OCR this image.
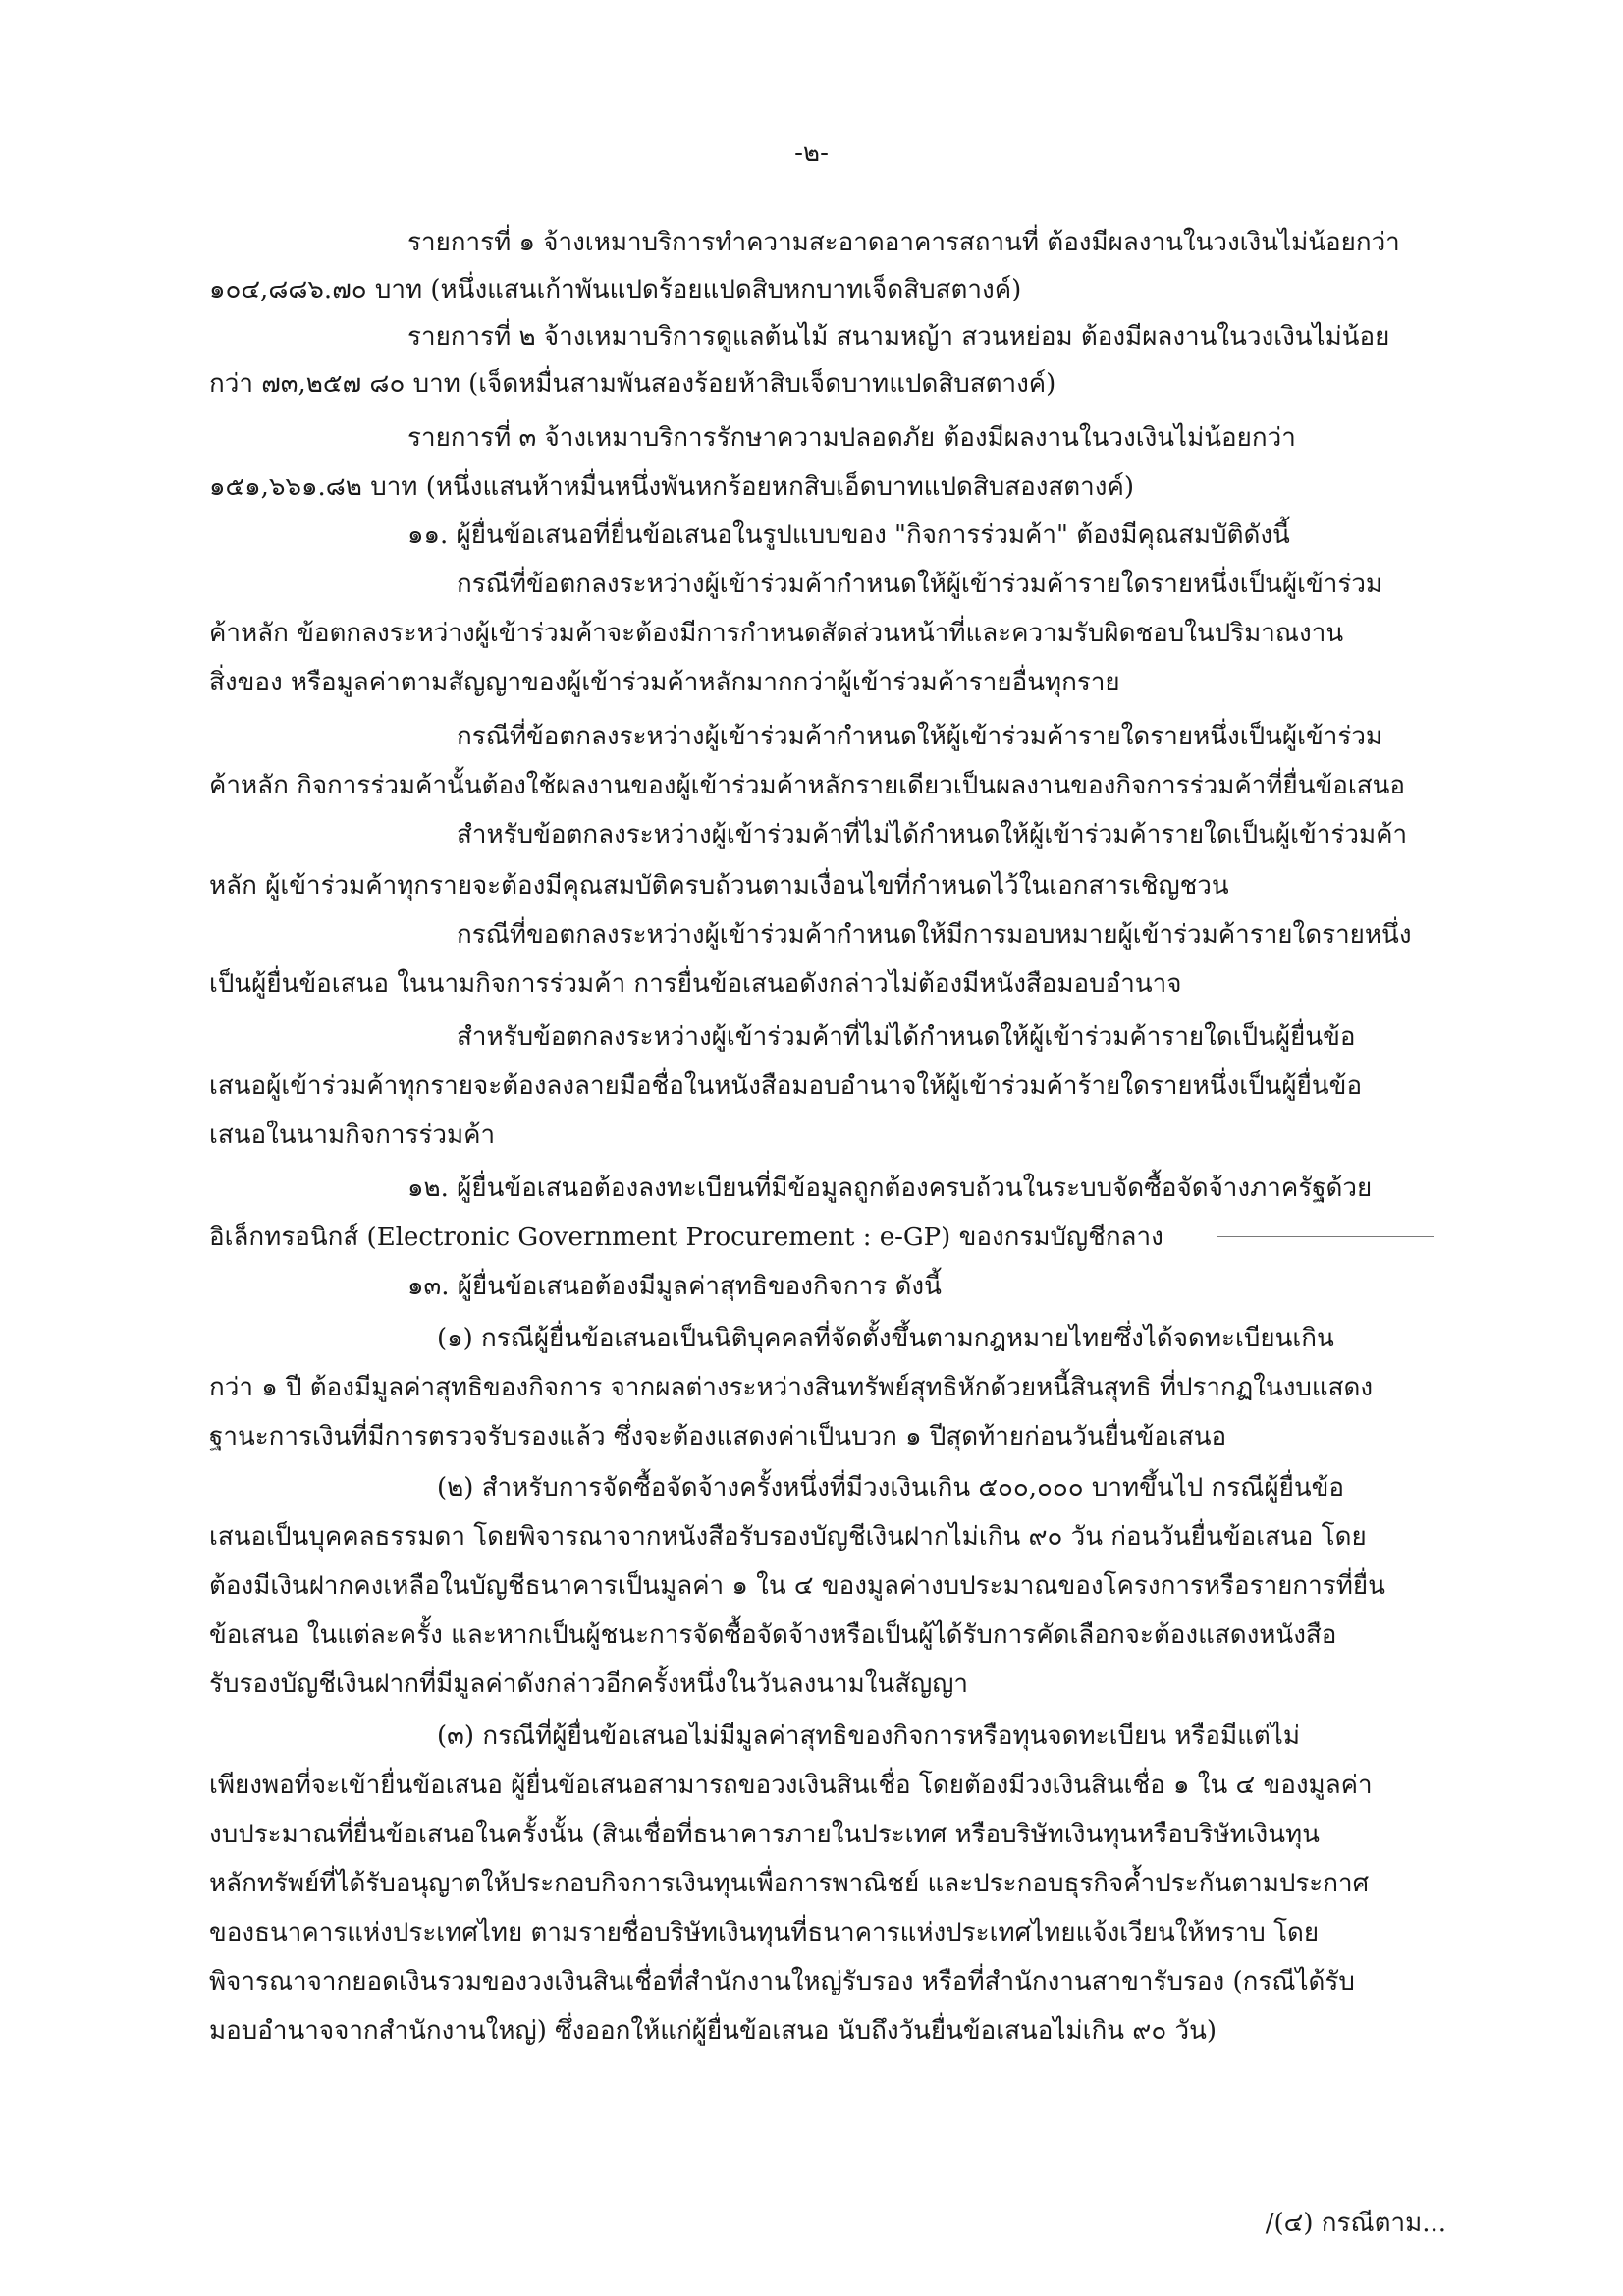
-๒-
รายการที่ ๑ จ้างเหมาบริการทำความสะอาดอาคารสถานที่ ต้องมีผลงานในวงเงินไม่น้อยกว่า
๑๐๔,๘๘๖.๗๐ บาท (หนึ่งแสนเก้าพันแปดร้อยแปดสิบหกบาทเจ็ดสิบสตางค์)
รายการที่ ๒ จ้างเหมาบริการดูแลต้นไม้ สนามหญ้า สวนหย่อม ต้องมีผลงานในวงเงินไม่น้อย
กว่า ๗๓,๒๕๗ ๘๐ บาท (เจ็ดหมื่นสามพันสองร้อยห้าสิบเจ็ดบาทแปดสิบสตางค์)
รายการที่ ๓ จ้างเหมาบริการรักษาความปลอดภัย ต้องมีผลงานในวงเงินไม่น้อยกว่า
๑๕๑,๖๖๑.๘๒ บาท (หนึ่งแสนห้าหมื่นหนึ่งพันหกร้อยหกสิบเอ็ดบาทแปดสิบสองสตางค์)
๑๑. ผู้ยื่นข้อเสนอที่ยื่นข้อเสนอในรูปแบบของ "กิจการร่วมค้า" ต้องมีคุณสมบัติดังนี้
กรณีที่ข้อตกลงระหว่างผู้เข้าร่วมค้ากำหนดให้ผู้เข้าร่วมค้ารายใดรายหนึ่งเป็นผู้เข้าร่วม
ค้าหลัก ข้อตกลงระหว่างผู้เข้าร่วมค้าจะต้องมีการกำหนดสัดส่วนหน้าที่และความรับผิดชอบในปริมาณงาน
สิ่งของ หรือมูลค่าตามสัญญาของผู้เข้าร่วมค้าหลักมากกว่าผู้เข้าร่วมค้ารายอื่นทุกราย
กรณีที่ข้อตกลงระหว่างผู้เข้าร่วมค้ากำหนดให้ผู้เข้าร่วมค้ารายใดรายหนึ่งเป็นผู้เข้าร่วม
ค้าหลัก กิจการร่วมค้านั้นต้องใช้ผลงานของผู้เข้าร่วมค้าหลักรายเดียวเป็นผลงานของกิจการร่วมค้าที่ยื่นข้อเสนอ
สำหรับข้อตกลงระหว่างผู้เข้าร่วมค้าที่ไม่ได้กำหนดให้ผู้เข้าร่วมค้ารายใดเป็นผู้เข้าร่วมค้า
หลัก ผู้เข้าร่วมค้าทุกรายจะต้องมีคุณสมบัติครบถ้วนตามเงื่อนไขที่กำหนดไว้ในเอกสารเชิญชวน
กรณีที่ขอตกลงระหว่างผู้เข้าร่วมค้ากำหนดให้มีการมอบหมายผู้เข้าร่วมค้ารายใดรายหนึ่ง
เป็นผู้ยื่นข้อเสนอ ในนามกิจการร่วมค้า การยื่นข้อเสนอดังกล่าวไม่ต้องมีหนังสือมอบอำนาจ
สำหรับข้อตกลงระหว่างผู้เข้าร่วมค้าที่ไม่ได้กำหนดให้ผู้เข้าร่วมค้ารายใดเป็นผู้ยื่นข้อ
เสนอผู้เข้าร่วมค้าทุกรายจะต้องลงลายมือชื่อในหนังสือมอบอำนาจให้ผู้เข้าร่วมค้าร้ายใดรายหนึ่งเป็นผู้ยื่นข้อ
เสนอในนามกิจการร่วมค้า
๑๒. ผู้ยื่นข้อเสนอต้องลงทะเบียนที่มีข้อมูลถูกต้องครบถ้วนในระบบจัดซื้อจัดจ้างภาครัฐด้วย
อิเล็กทรอนิกส์ (Electronic Government Procurement : e-GP) ของกรมบัญชีกลาง
๑๓. ผู้ยื่นข้อเสนอต้องมีมูลค่าสุทธิของกิจการ ดังนี้
(๑) กรณีผู้ยื่นข้อเสนอเป็นนิติบุคคลที่จัดตั้งขึ้นตามกฎหมายไทยซึ่งได้จดทะเบียนเกิน
กว่า ๑ ปี ต้องมีมูลค่าสุทธิของกิจการ จากผลต่างระหว่างสินทรัพย์สุทธิหักด้วยหนี้สินสุทธิ ที่ปรากฏในงบแสดง
ฐานะการเงินที่มีการตรวจรับรองแล้ว ซึ่งจะต้องแสดงค่าเป็นบวก ๑ ปีสุดท้ายก่อนวันยื่นข้อเสนอ
(๒) สำหรับการจัดซื้อจัดจ้างครั้งหนึ่งที่มีวงเงินเกิน ๕๐๐,๐๐๐ บาทขึ้นไป กรณีผู้ยื่นข้อ
เสนอเป็นบุคคลธรรมดา โดยพิจารณาจากหนังสือรับรองบัญชีเงินฝากไม่เกิน ๙๐ วัน ก่อนวันยื่นข้อเสนอ โดย
ต้องมีเงินฝากคงเหลือในบัญชีธนาคารเป็นมูลค่า ๑ ใน ๔ ของมูลค่างบประมาณของโครงการหรือรายการที่ยื่น
ข้อเสนอ ในแต่ละครั้ง และหากเป็นผู้ชนะการจัดซื้อจัดจ้างหรือเป็นผู้ได้รับการคัดเลือกจะต้องแสดงหนังสือ
รับรองบัญชีเงินฝากที่มีมูลค่าดังกล่าวอีกครั้งหนึ่งในวันลงนามในสัญญา
(๓) กรณีที่ผู้ยื่นข้อเสนอไม่มีมูลค่าสุทธิของกิจการหรือทุนจดทะเบียน หรือมีแต่ไม่
เพียงพอที่จะเข้ายื่นข้อเสนอ ผู้ยื่นข้อเสนอสามารถขอวงเงินสินเชื่อ โดยต้องมีวงเงินสินเชื่อ ๑ ใน ๔ ของมูลค่า
งบประมาณที่ยื่นข้อเสนอในครั้งนั้น (สินเชื่อที่ธนาคารภายในประเทศ หรือบริษัทเงินทุนหรือบริษัทเงินทุน
หลักทรัพย์ที่ได้รับอนุญาตให้ประกอบกิจการเงินทุนเพื่อการพาณิชย์ และประกอบธุรกิจค้ำประกันตามประกาศ
ของธนาคารแห่งประเทศไทย ตามรายชื่อบริษัทเงินทุนที่ธนาคารแห่งประเทศไทยแจ้งเวียนให้ทราบ โดย
พิจารณาจากยอดเงินรวมของวงเงินสินเชื่อที่สำนักงานใหญ่รับรอง หรือที่สำนักงานสาขารับรอง (กรณีได้รับ
มอบอำนาจจากสำนักงานใหญ่) ซึ่งออกให้แก่ผู้ยื่นข้อเสนอ นับถึงวันยื่นข้อเสนอไม่เกิน ๙๐ วัน)
/(๔) กรณีตาม...
